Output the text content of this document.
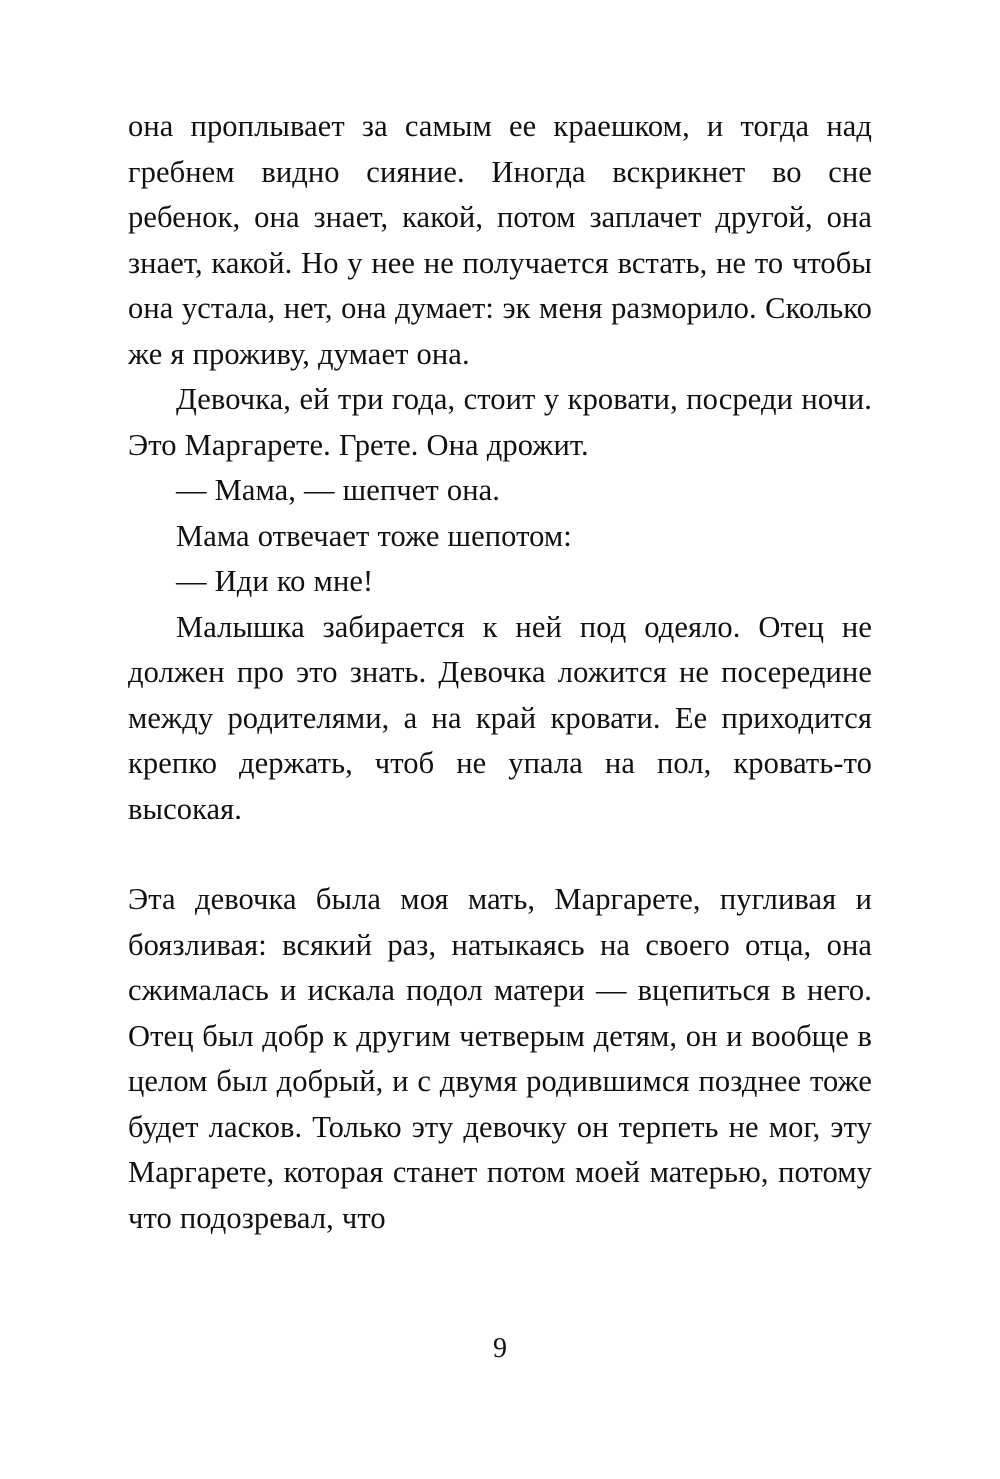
она проплывает за самым ее краешком, и тогда над гребнем видно сияние. Иногда вскрикнет во сне ребенок, она знает, какой, потом заплачет другой, она знает, какой. Но у нее не получается встать, не то чтобы она устала, нет, она думает: эк меня разморило. Сколько же я проживу, думает она.

Девочка, ей три года, стоит у кровати, посреди ночи. Это Маргарете. Грете. Она дрожит.

— Мама, — шепчет она.

Мама отвечает тоже шепотом:

— Иди ко мне!

Малышка забирается к ней под одеяло. Отец не должен про это знать. Девочка ложится не посередине между родителями, а на край кровати. Ее приходится крепко держать, чтоб не упала на пол, кровать-то высокая.

Эта девочка была моя мать, Маргарете, пугливая и боязливая: всякий раз, натыкаясь на своего отца, она сжималась и искала подол матери — вцепиться в него. Отец был добр к другим четверым детям, он и вообще в целом был добрый, и с двумя родившимся позднее тоже будет ласков. Только эту девочку он терпеть не мог, эту Маргарете, которая станет потом моей матерью, потому что подозревал, что

9
